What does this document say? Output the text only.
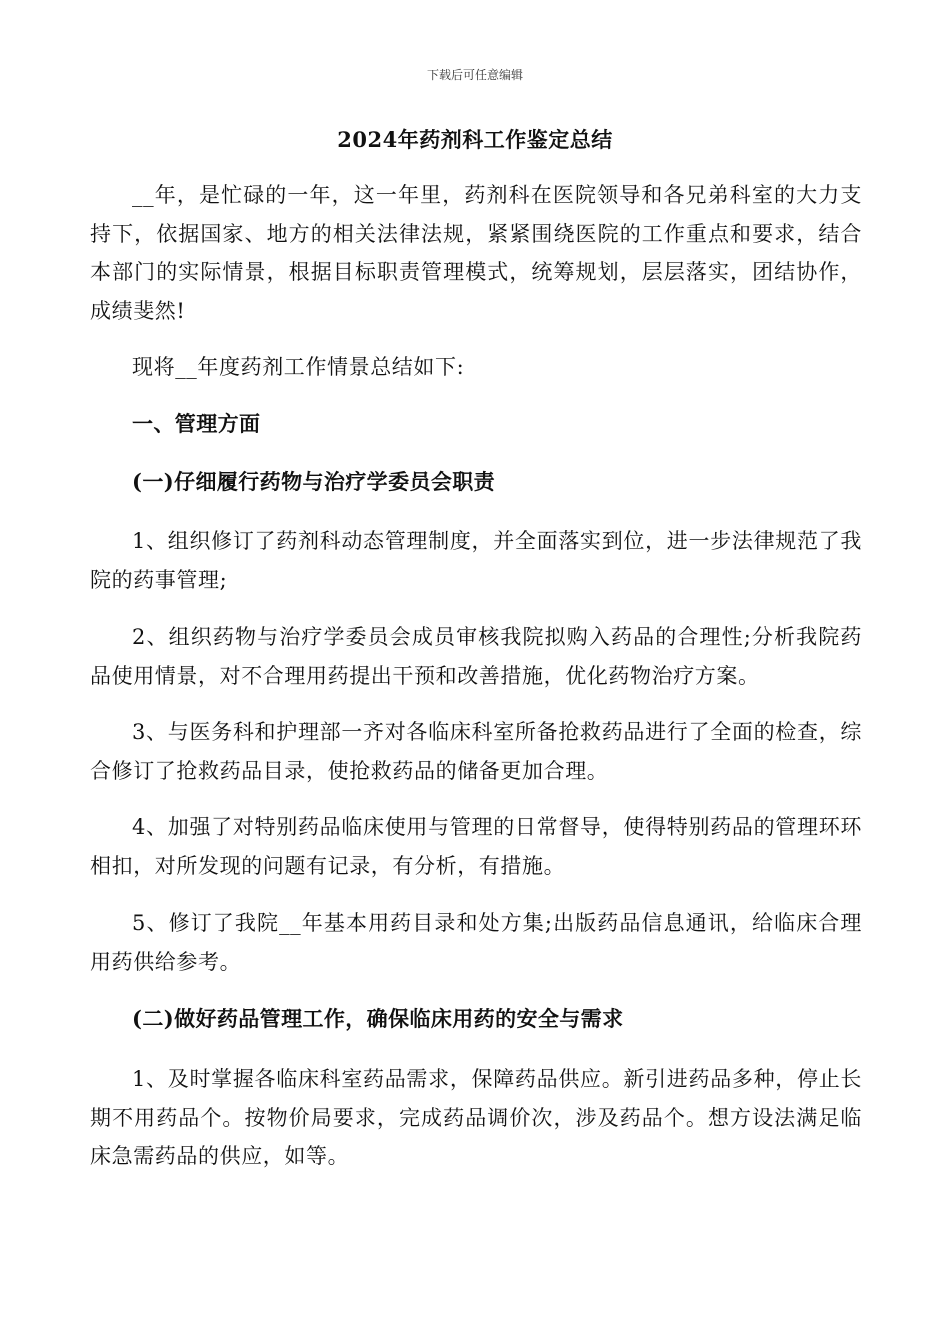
下载后可任意编辑
2024年药剂科工作鉴定总结

__年，是忙碌的一年，这一年里，药剂科在医院领导和各兄弟科室的大力支持下，依据国家、地方的相关法律法规，紧紧围绕医院的工作重点和要求，结合本部门的实际情景，根据目标职责管理模式，统筹规划，层层落实，团结协作，成绩斐然!

现将__年度药剂工作情景总结如下:

一、管理方面
(一)仔细履行药物与治疗学委员会职责

1、组织修订了药剂科动态管理制度，并全面落实到位，进一步法律规范了我院的药事管理;

2、组织药物与治疗学委员会成员审核我院拟购入药品的合理性;分析我院药品使用情景，对不合理用药提出干预和改善措施，优化药物治疗方案。

3、与医务科和护理部一齐对各临床科室所备抢救药品进行了全面的检查，综合修订了抢救药品目录，使抢救药品的储备更加合理。

4、加强了对特别药品临床使用与管理的日常督导，使得特别药品的管理环环相扣，对所发现的问题有记录，有分析，有措施。

5、修订了我院__年基本用药目录和处方集;出版药品信息通讯，给临床合理用药供给参考。

(二)做好药品管理工作，确保临床用药的安全与需求

1、及时掌握各临床科室药品需求，保障药品供应。新引进药品多种，停止长期不用药品个。按物价局要求，完成药品调价次，涉及药品个。想方设法满足临床急需药品的供应，如等。
